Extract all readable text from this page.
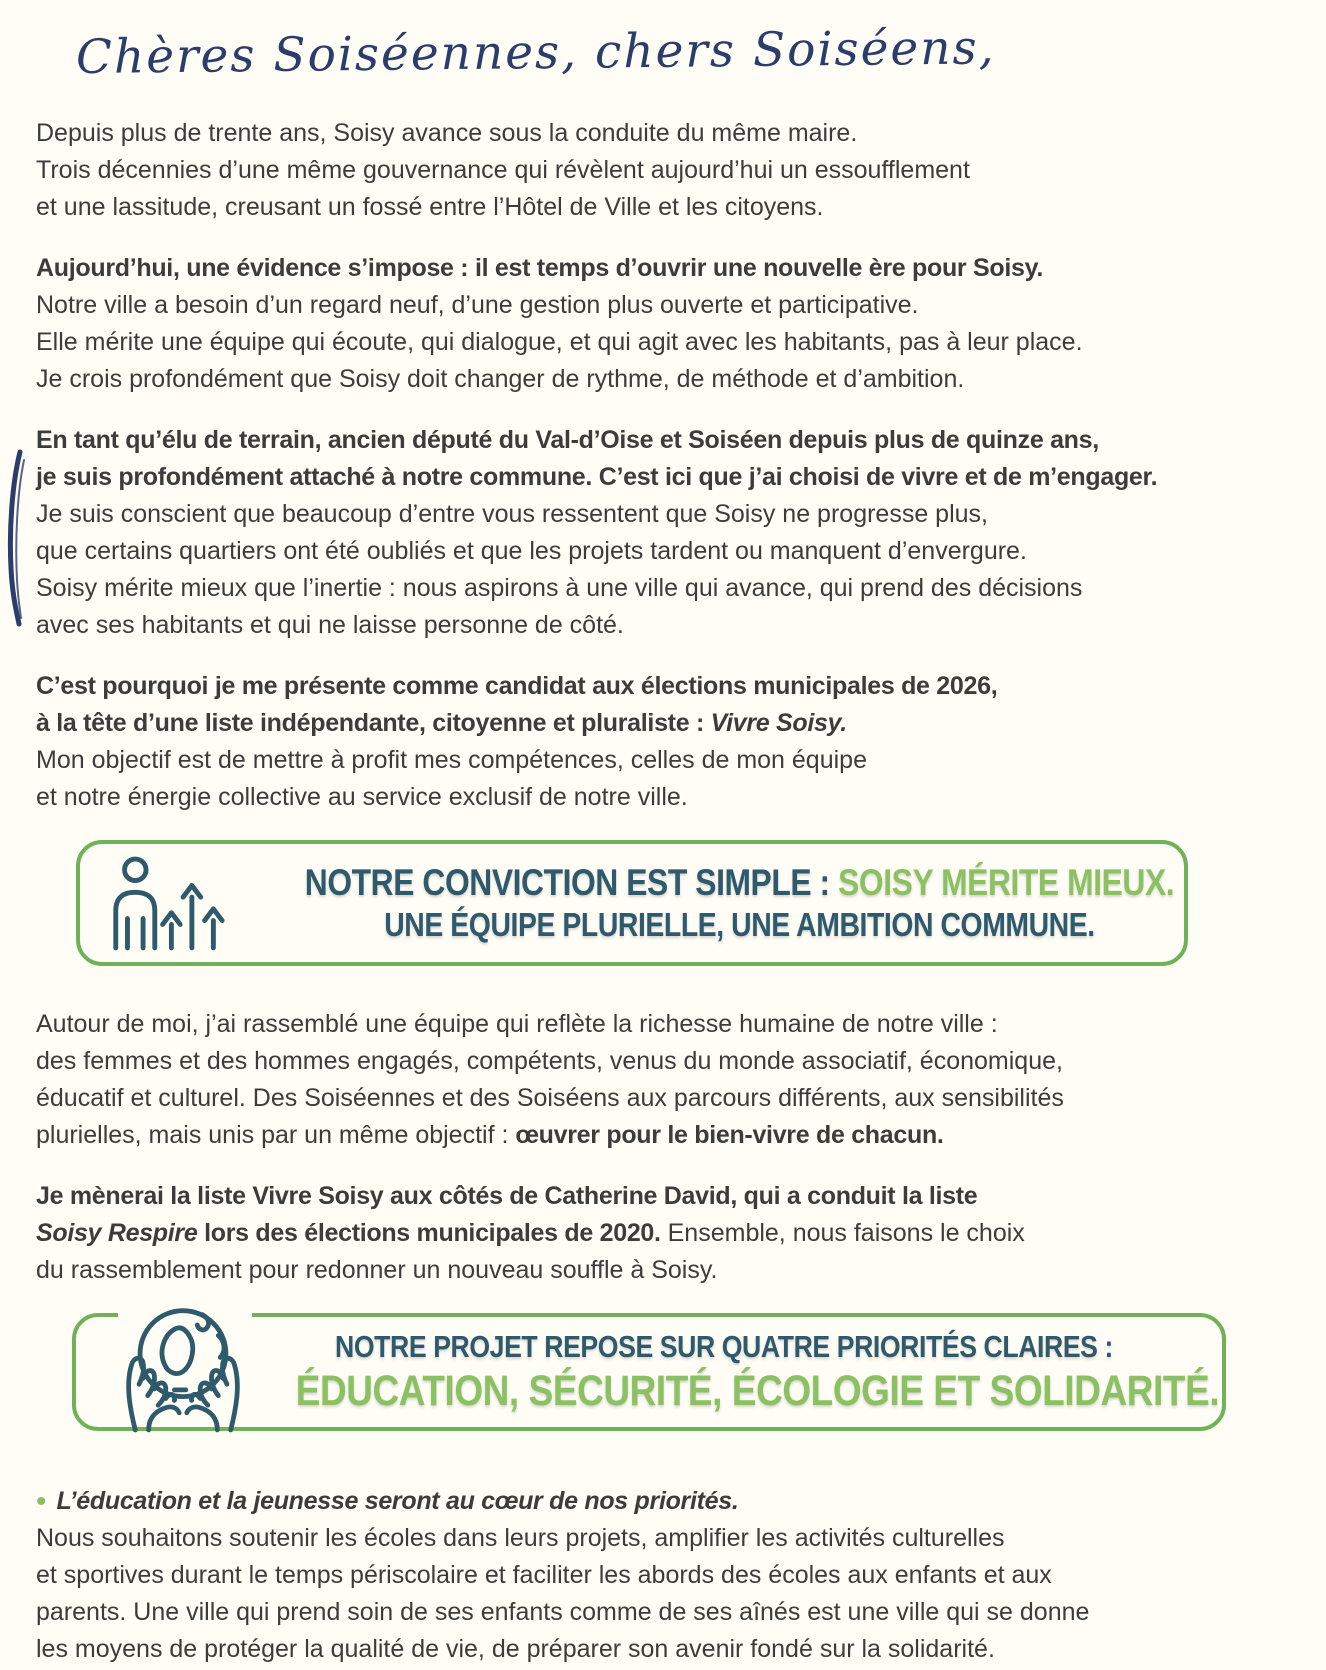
Chères Soiséennes, chers Soiséens,

Depuis plus de trente ans, Soisy avance sous la conduite du même maire.
Trois décennies d’une même gouvernance qui révèlent aujourd’hui un essoufflement
et une lassitude, creusant un fossé entre l’Hôtel de Ville et les citoyens.

Aujourd’hui, une évidence s’impose : il est temps d’ouvrir une nouvelle ère pour Soisy.
Notre ville a besoin d’un regard neuf, d’une gestion plus ouverte et participative.
Elle mérite une équipe qui écoute, qui dialogue, et qui agit avec les habitants, pas à leur place.
Je crois profondément que Soisy doit changer de rythme, de méthode et d’ambition.

En tant qu’élu de terrain, ancien député du Val-d’Oise et Soiséen depuis plus de quinze ans,
je suis profondément attaché à notre commune. C’est ici que j’ai choisi de vivre et de m’engager.
Je suis conscient que beaucoup d’entre vous ressentent que Soisy ne progresse plus,
que certains quartiers ont été oubliés et que les projets tardent ou manquent d’envergure.
Soisy mérite mieux que l’inertie : nous aspirons à une ville qui avance, qui prend des décisions
avec ses habitants et qui ne laisse personne de côté.

C’est pourquoi je me présente comme candidat aux élections municipales de 2026,
à la tête d’une liste indépendante, citoyenne et pluraliste : Vivre Soisy.
Mon objectif est de mettre à profit mes compétences, celles de mon équipe
et notre énergie collective au service exclusif de notre ville.

NOTRE CONVICTION EST SIMPLE : SOISY MÉRITE MIEUX.
UNE ÉQUIPE PLURIELLE, UNE AMBITION COMMUNE.

Autour de moi, j’ai rassemblé une équipe qui reflète la richesse humaine de notre ville :
des femmes et des hommes engagés, compétents, venus du monde associatif, économique,
éducatif et culturel. Des Soiséennes et des Soiséens aux parcours différents, aux sensibilités
plurielles, mais unis par un même objectif : œuvrer pour le bien-vivre de chacun.

Je mènerai la liste Vivre Soisy aux côtés de Catherine David, qui a conduit la liste
Soisy Respire lors des élections municipales de 2020. Ensemble, nous faisons le choix
du rassemblement pour redonner un nouveau souffle à Soisy.

NOTRE PROJET REPOSE SUR QUATRE PRIORITÉS CLAIRES :
ÉDUCATION, SÉCURITÉ, ÉCOLOGIE ET SOLIDARITÉ.

• L’éducation et la jeunesse seront au cœur de nos priorités.
Nous souhaitons soutenir les écoles dans leurs projets, amplifier les activités culturelles
et sportives durant le temps périscolaire et faciliter les abords des écoles aux enfants et aux
parents. Une ville qui prend soin de ses enfants comme de ses aînés est une ville qui se donne
les moyens de protéger la qualité de vie, de préparer son avenir fondé sur la solidarité.
